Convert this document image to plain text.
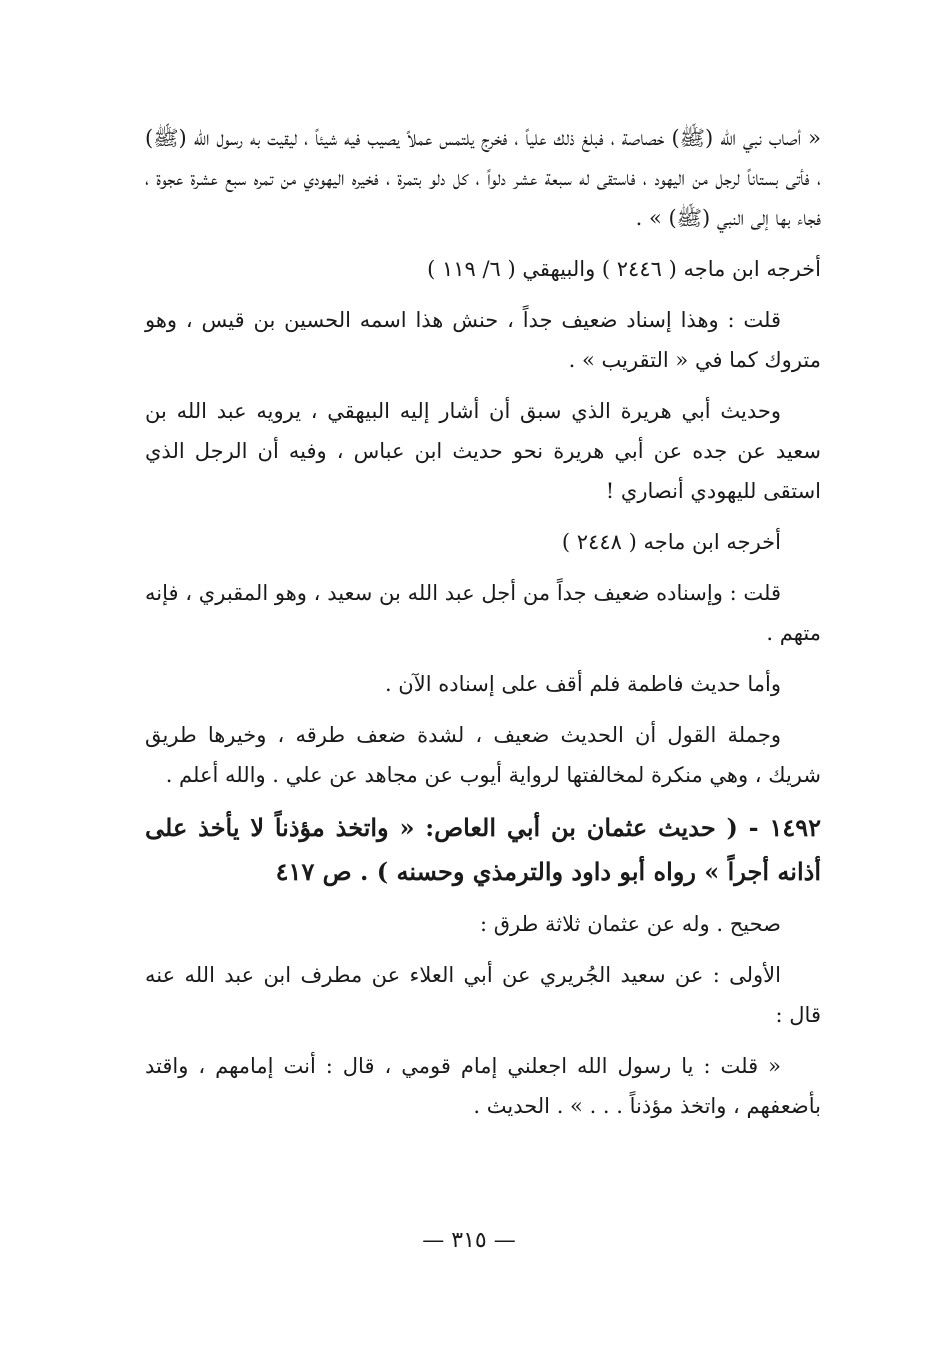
« أصاب نبي الله (ﷺ) خصاصة ، فبلغ ذلك علياً ، فخرج يلتمس عملاً يصيب فيه شيئاً ، ليقيت به رسول الله (ﷺ) ، فأتى بستاناً لرجل من اليهود ، فاستقى له سبعة عشر دلواً ، كل دلو بتمرة ، فخيره اليهودي من تمره سبع عشرة عجوة ، فجاء بها إلى النبي (ﷺ) » .

أخرجه ابن ماجه ( ٢٤٤٦ ) والبيهقي ( ٦/ ١١٩ )

قلت : وهذا إسناد ضعيف جداً ، حنش هذا اسمه الحسين بن قيس ، وهو متروك كما في « التقريب » .

وحديث أبي هريرة الذي سبق أن أشار إليه البيهقي ، يرويه عبد الله بن سعيد عن جده عن أبي هريرة نحو حديث ابن عباس ، وفيه أن الرجل الذي استقى لليهودي أنصاري !

أخرجه ابن ماجه ( ٢٤٤٨ )

قلت : وإسناده ضعيف جداً من أجل عبد الله بن سعيد ، وهو المقبري ، فإنه متهم .

وأما حديث فاطمة فلم أقف على إسناده الآن .

وجملة القول أن الحديث ضعيف ، لشدة ضعف طرقه ، وخيرها طريق شريك ، وهي منكرة لمخالفتها لرواية أيوب عن مجاهد عن علي . والله أعلم .

١٤٩٢ - ( حديث عثمان بن أبي العاص: « واتخذ مؤذناً لا يأخذ على أذانه أجراً » رواه أبو داود والترمذي وحسنه ) . ص ٤١٧

صحيح . وله عن عثمان ثلاثة طرق :

الأولى : عن سعيد الجُريري عن أبي العلاء عن مطرف ابن عبد الله عنه قال :

« قلت : يا رسول الله اجعلني إمام قومي ، قال : أنت إمامهم ، واقتد بأضعفهم ، واتخذ مؤذناً . . . » . الحديث .

— ٣١٥ —
